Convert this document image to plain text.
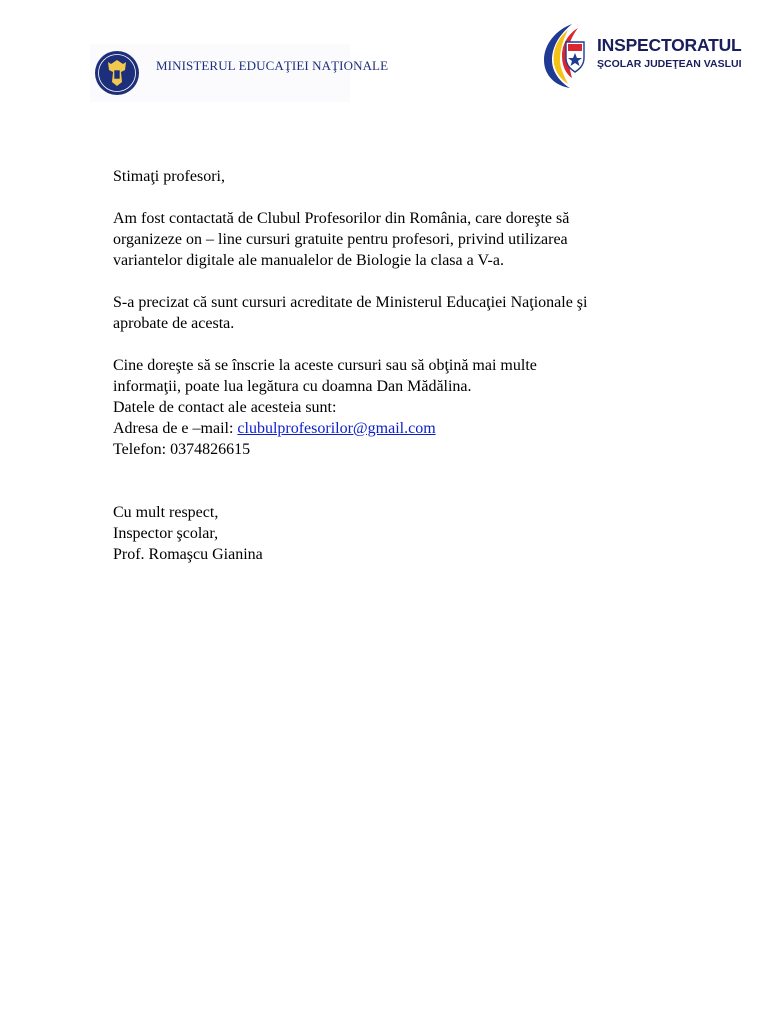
MINISTERUL EDUCAŢIEI NAŢIONALE
INSPECTORATUL
ŞCOLAR JUDEŢEAN VASLUI

Stimaţi profesori,

Am fost contactată de Clubul Profesorilor din România, care doreşte să

organizeze on – line cursuri gratuite pentru profesori, privind utilizarea

variantelor digitale ale manualelor de Biologie la clasa a V-a.

S-a precizat că sunt cursuri acreditate de Ministerul Educaţiei Naţionale şi

aprobate de acesta.

Cine doreşte să se înscrie la aceste cursuri sau să obţină mai multe

informaţii, poate lua legătura cu doamna Dan Mădălina.

Datele de contact ale acesteia sunt:

Adresa de e –mail: clubulprofesorilor@gmail.com

Telefon: 0374826615

Cu mult respect,

Inspector şcolar,

Prof. Romaşcu Gianina
